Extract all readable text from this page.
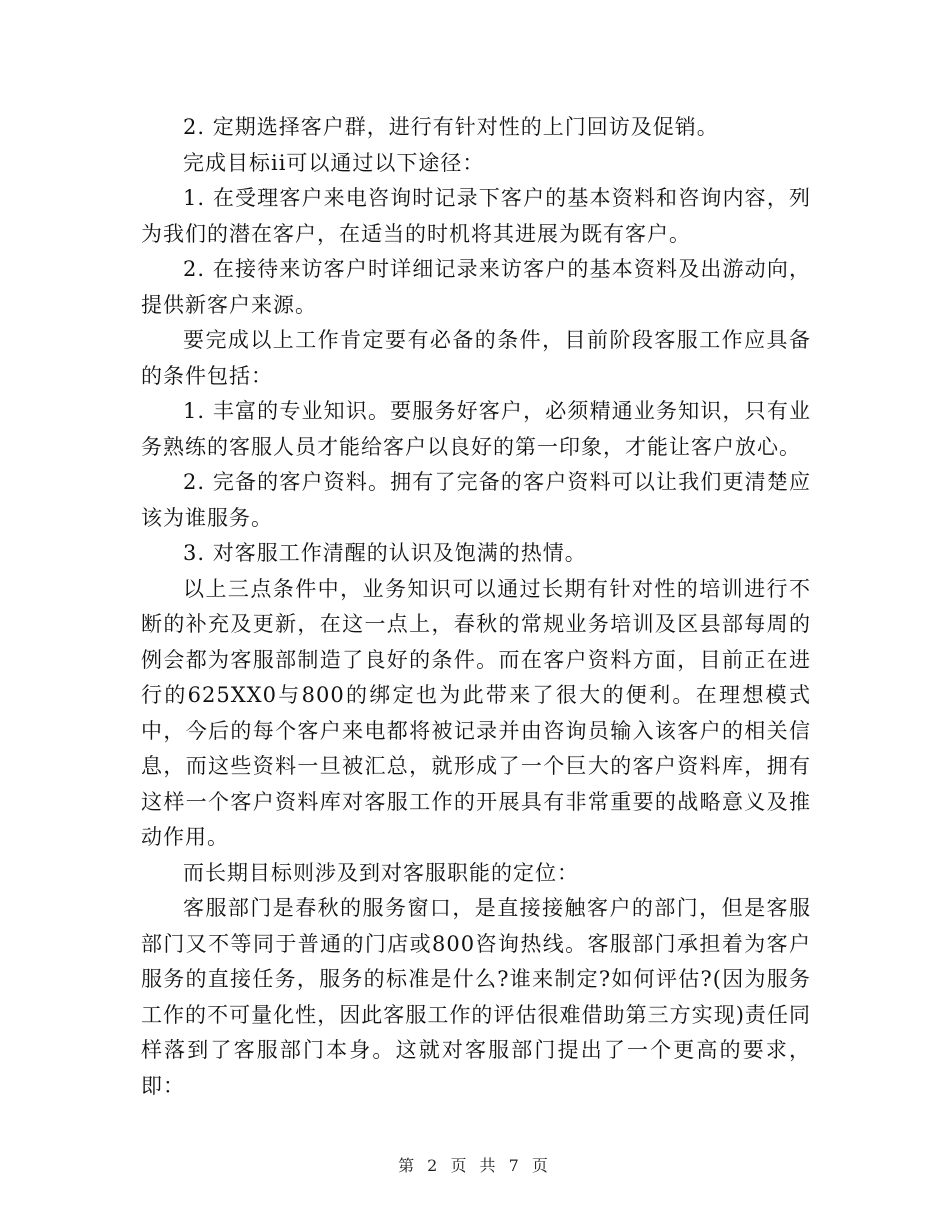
2. 定期选择客户群，进行有针对性的上门回访及促销。

完成目标ii可以通过以下途径：

1. 在受理客户来电咨询时记录下客户的基本资料和咨询内容，列为我们的潜在客户，在适当的时机将其进展为既有客户。

2. 在接待来访客户时详细记录来访客户的基本资料及出游动向，提供新客户来源。

要完成以上工作肯定要有必备的条件，目前阶段客服工作应具备的条件包括：

1. 丰富的专业知识。要服务好客户，必须精通业务知识，只有业务熟练的客服人员才能给客户以良好的第一印象，才能让客户放心。

2. 完备的客户资料。拥有了完备的客户资料可以让我们更清楚应该为谁服务。

3. 对客服工作清醒的认识及饱满的热情。

以上三点条件中，业务知识可以通过长期有针对性的培训进行不断的补充及更新，在这一点上，春秋的常规业务培训及区县部每周的例会都为客服部制造了良好的条件。而在客户资料方面，目前正在进行的625XX0与800的绑定也为此带来了很大的便利。在理想模式中，今后的每个客户来电都将被记录并由咨询员输入该客户的相关信息，而这些资料一旦被汇总，就形成了一个巨大的客户资料库，拥有这样一个客户资料库对客服工作的开展具有非常重要的战略意义及推动作用。

而长期目标则涉及到对客服职能的定位：

客服部门是春秋的服务窗口，是直接接触客户的部门，但是客服部门又不等同于普通的门店或800咨询热线。客服部门承担着为客户服务的直接任务，服务的标准是什么?谁来制定?如何评估?(因为服务工作的不可量化性，因此客服工作的评估很难借助第三方实现)责任同样落到了客服部门本身。这就对客服部门提出了一个更高的要求，即：

第 2 页 共 7 页
